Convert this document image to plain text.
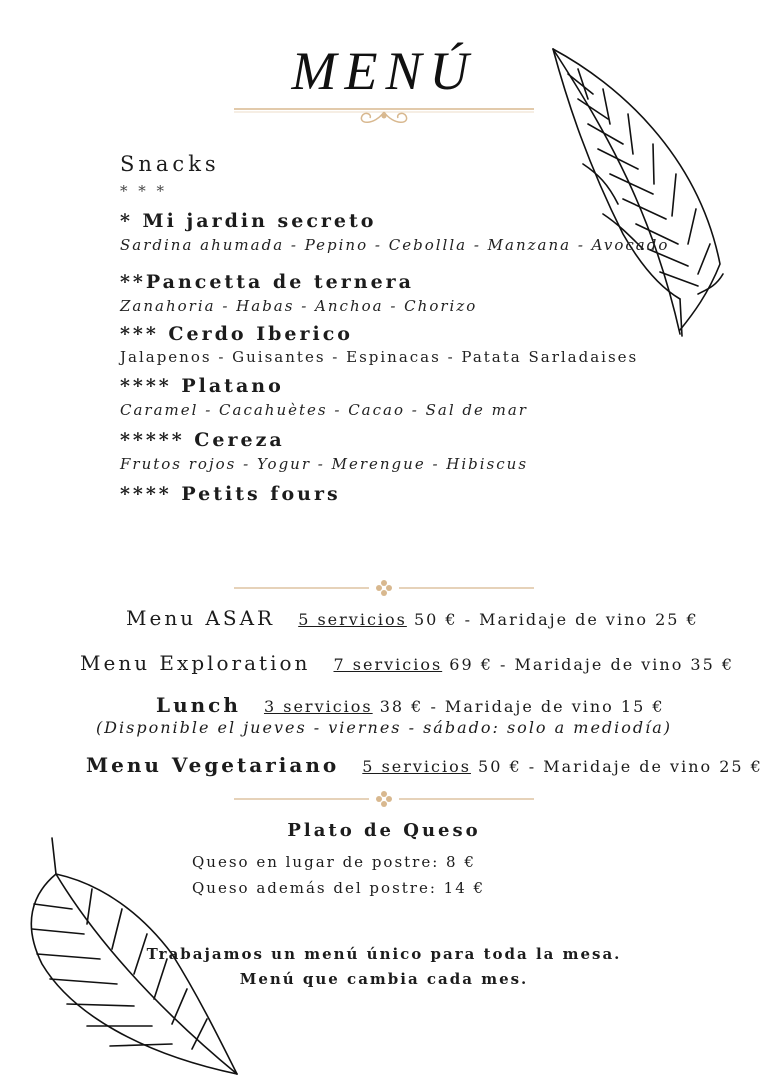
MENÚ
Snacks
* * *
* Mi jardin secreto
Sardina ahumada - Pepino - Cebollla - Manzana - Avocado
**Pancetta de ternera
Zanahoria - Habas - Anchoa - Chorizo
*** Cerdo Iberico
Jalapenos - Guisantes - Espinacas - Patata Sarladaises
**** Platano
Caramel - Cacahuètes - Cacao - Sal de mar
***** Cereza
Frutos rojos - Yogur - Merengue - Hibiscus
**** Petits fours
Menu ASAR 5 servicios 50 € - Maridaje de vino 25 €
Menu Exploration 7 servicios 69 € - Maridaje de vino 35 €
Lunch 3 servicios 38 € - Maridaje de vino 15 €
(Disponible el jueves - viernes - sábado: solo a mediodía)
Menu Vegetariano 5 servicios 50 € - Maridaje de vino 25 €
Plato de Queso
Queso en lugar de postre: 8 €
Queso además del postre: 14 €
Trabajamos un menú único para toda la mesa.
Menú que cambia cada mes.
